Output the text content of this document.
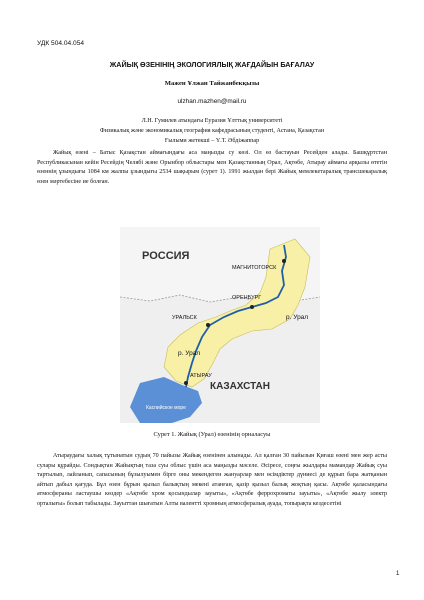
УДК 504.04.054
ЖАЙЫҚ ӨЗЕНІНІҢ ЭКОЛОГИЯЛЫҚ ЖАҒДАЙЫН БАҒАЛАУ
Мажен Ұлжан Тайжанбекқызы
ulzhan.mazhen@mail.ru
Л.Н. Гумилев атындағы Еуразия Ұлттық университеті
Физикалық және экономикалық география кафедрасының студенті, Астана, Қазақстан
Ғылыми жетекші – Ү.Т. Әбдіжаппар
Жайық өзені – Батыс Қазақстан аймағындағы аса маңызды су көзі. Ол өз бастауын Ресейден алады. Башқұртстан Республикасынан кейін Ресейдің Челябі және Орынбор облыстары мен Қазақстанның Орал, Ақтөбе, Атырау аймағы арқылы өтетін өзеннің ұзындығы 1084 км жалпы ұзындығы 2534 шақырым (сурет 1). 1991 жылдан бері Жайық мемлекетаралық трансшекаралық өзен мәртебесіне ие болған.
РОССИЯ
КАЗАХСТАН
МАГНИТОГОРСК
ОРЕНБУРГ
УРАЛЬСК
АТЫРАУ
р. Урал
р. Урал
Каспийское море
Сурет 1. Жайық (Урал) өзенінің орналасуы
Атыраудағы халық тұтынатын судың 70 пайызы Жайық өзенінен алынады. Ал қалған 30 пайызын Қиғаш өзені мен жер асты сулары құрайды. Сондықтан Жайықтың таза суы облыс үшін аса маңызды мәселе. Әсіресе, соңғы жылдары мамандар Жайық суы тартылып, лайланып, сапасының бұзылуымен бірге оны мекендеген жануарлар мен өсімдіктер дүниесі де құрып бара жатқанын айтып дабыл қағуда. Бұл өзен бұрын қызыл балықтың мекені атанған, қазір қызыл балық жоқтың қасы. Ақтөбе қаласындағы атмосфераны ластаушы көздер «Ақтөбе хром қосындылар зауыты», «Ақтөбе феррохроматы зауыты», «Ақтөбе жылу электр орталығы» болып табылады. Зауыттан шығатын Алты валентті хромның атмосфералық ауада, топырақта кездесетіні
1
